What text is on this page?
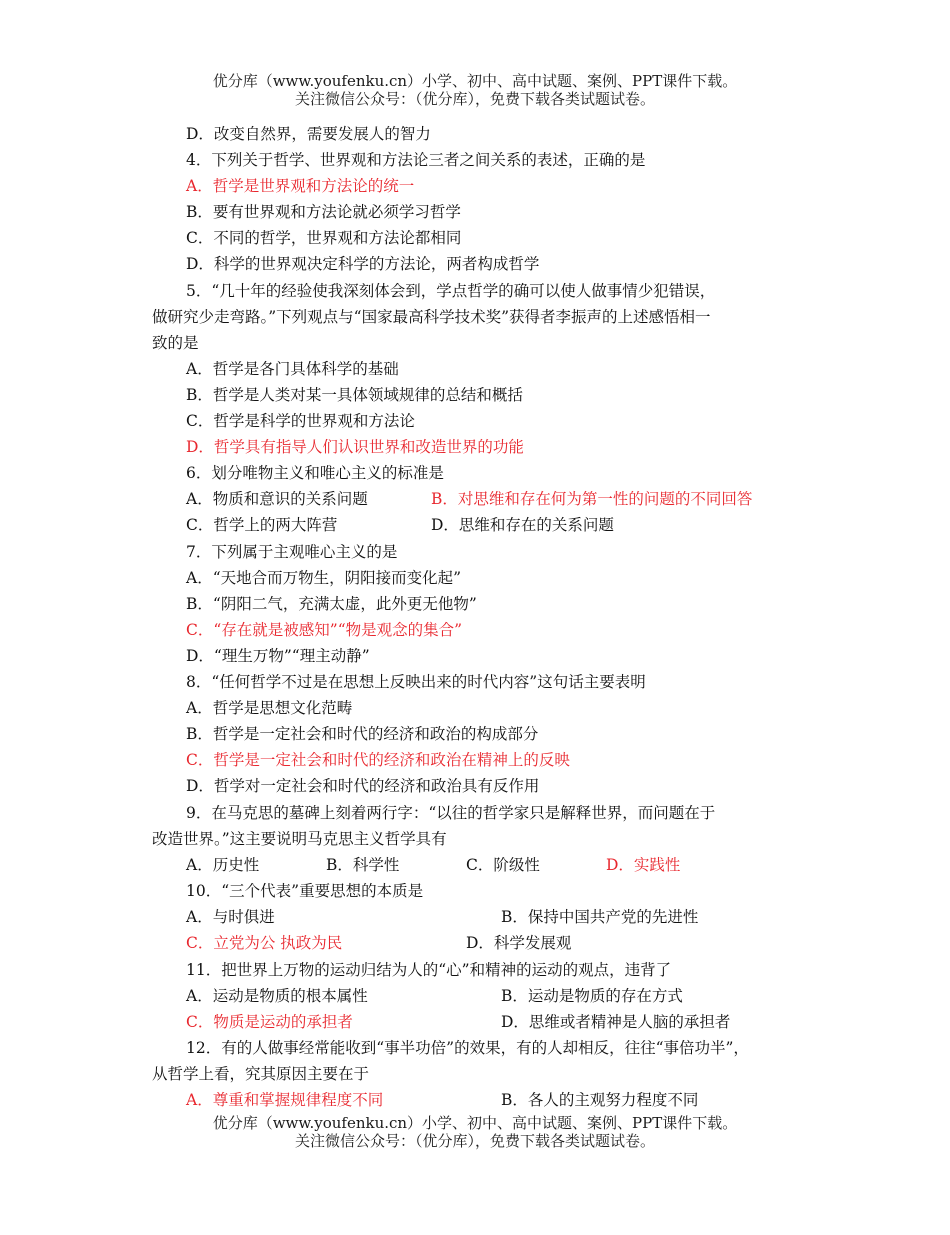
优分库（www.youfenku.cn）小学、初中、高中试题、案例、PPT课件下载。
关注微信公众号：（优分库），免费下载各类试题试卷。
D．改变自然界，需要发展人的智力
4．下列关于哲学、世界观和方法论三者之间关系的表述，正确的是
A．哲学是世界观和方法论的统一
B．要有世界观和方法论就必须学习哲学
C．不同的哲学，世界观和方法论都相同
D．科学的世界观决定科学的方法论，两者构成哲学
5．“几十年的经验使我深刻体会到，学点哲学的确可以使人做事情少犯错误，
做研究少走弯路。”下列观点与“国家最高科学技术奖”获得者李振声的上述感悟相一
致的是
A．哲学是各门具体科学的基础
B．哲学是人类对某一具体领域规律的总结和概括
C．哲学是科学的世界观和方法论
D．哲学具有指导人们认识世界和改造世界的功能
6．划分唯物主义和唯心主义的标准是
A．物质和意识的关系问题	B．对思维和存在何为第一性的问题的不同回答
C．哲学上的两大阵营	D．思维和存在的关系问题
7．下列属于主观唯心主义的是
A．“天地合而万物生，阴阳接而变化起”
B．“阴阳二气，充满太虚，此外更无他物”
C．“存在就是被感知”“物是观念的集合”
D．“理生万物”“理主动静”
8．“任何哲学不过是在思想上反映出来的时代内容”这句话主要表明
A．哲学是思想文化范畴
B．哲学是一定社会和时代的经济和政治的构成部分
C．哲学是一定社会和时代的经济和政治在精神上的反映
D．哲学对一定社会和时代的经济和政治具有反作用
9．在马克思的墓碑上刻着两行字：“以往的哲学家只是解释世界，而问题在于
改造世界。”这主要说明马克思主义哲学具有
A．历史性	B．科学性	C．阶级性	D．实践性
10．“三个代表”重要思想的本质是
A．与时俱进	B．保持中国共产党的先进性
C．立党为公 执政为民	D．科学发展观
11．把世界上万物的运动归结为人的“心”和精神的运动的观点，违背了
A．运动是物质的根本属性	B．运动是物质的存在方式
C．物质是运动的承担者	D．思维或者精神是人脑的承担者
12．有的人做事经常能收到“事半功倍”的效果，有的人却相反，往往“事倍功半”，
从哲学上看，究其原因主要在于
A．尊重和掌握规律程度不同	B．各人的主观努力程度不同
优分库（www.youfenku.cn）小学、初中、高中试题、案例、PPT课件下载。
关注微信公众号：（优分库），免费下载各类试题试卷。
